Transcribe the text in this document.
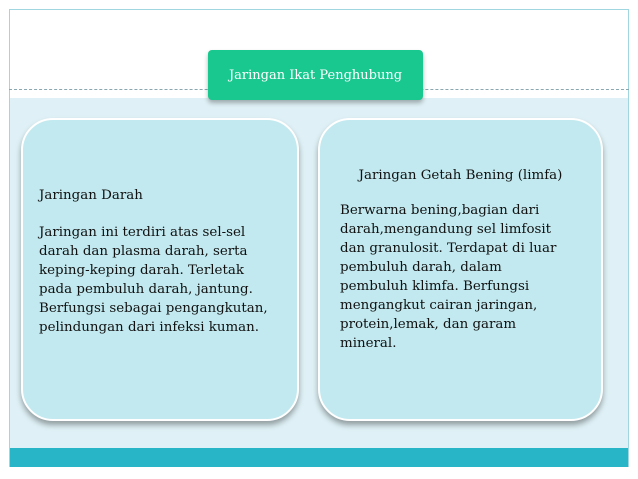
Jaringan Ikat Penghubung

Jaringan Darah

Jaringan ini terdiri atas sel-sel
darah dan plasma darah, serta
keping-keping darah. Terletak
pada pembuluh darah, jantung.
Berfungsi sebagai pengangkutan,
pelindungan dari infeksi kuman.

Jaringan Getah Bening (limfa)

Berwarna bening,bagian dari
darah,mengandung sel limfosit
dan granulosit. Terdapat di luar
pembuluh darah, dalam
pembuluh klimfa. Berfungsi
mengangkut cairan jaringan,
protein,lemak, dan garam
mineral.
